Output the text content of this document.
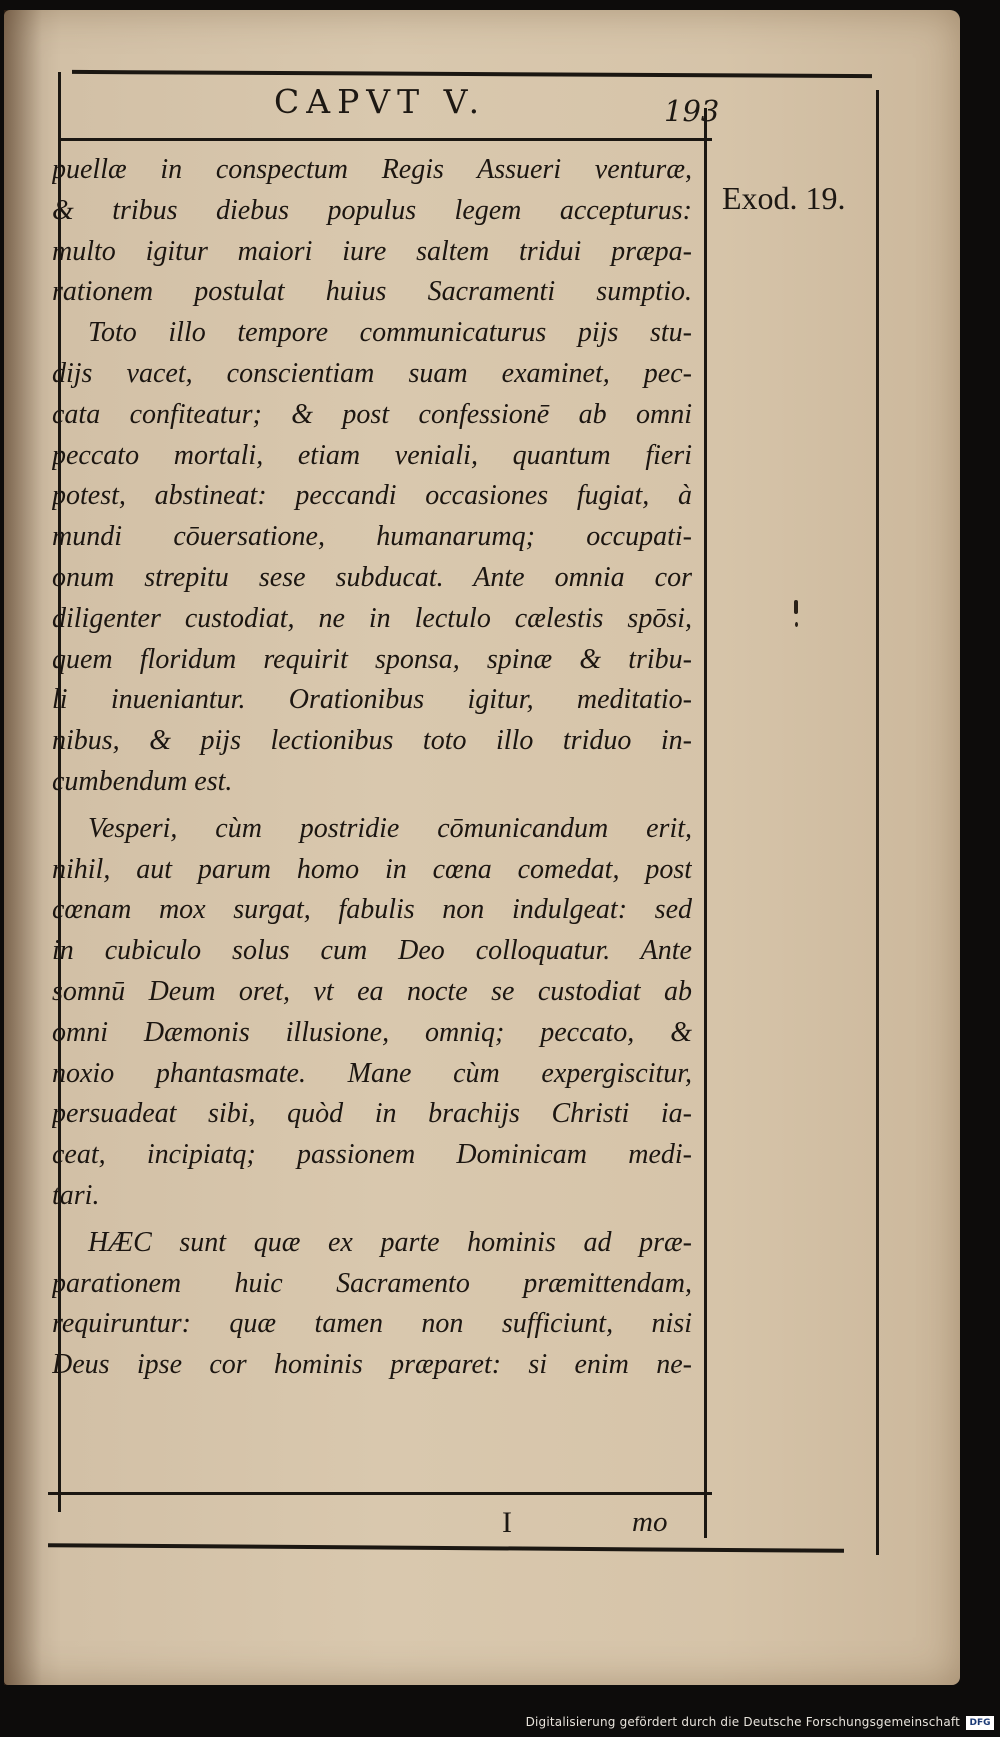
CAPVT V.	193
Exod. 19.
puellæ in conspectum Regis Assueri venturæ,
& tribus diebus populus legem accepturus:
multo igitur maiori iure saltem tridui præpa-
rationem postulat huius Sacramenti sumptio.
Toto illo tempore communicaturus pijs stu-
dijs vacet, conscientiam suam examinet, pec-
cata confiteatur; & post confessionē ab omni
peccato mortali, etiam veniali, quantum fieri
potest, abstineat: peccandi occasiones fugiat, à
mundi cōuersatione, humanarumq; occupati-
onum strepitu sese subducat. Ante omnia cor
diligenter custodiat, ne in lectulo cælestis spōsi,
quem floridum requirit sponsa, spinæ & tribu-
li inueniantur. Orationibus igitur, meditatio-
nibus, & pijs lectionibus toto illo triduo in-
cumbendum est.
Vesperi, cùm postridie cōmunicandum erit,
nihil, aut parum homo in cœna comedat, post
cœnam mox surgat, fabulis non indulgeat: sed
in cubiculo solus cum Deo colloquatur. Ante
somnū Deum oret, vt ea nocte se custodiat ab
omni Dæmonis illusione, omniq; peccato, &
noxio phantasmate. Mane cùm expergiscitur,
persuadeat sibi, quòd in brachijs Christi ia-
ceat, incipiatq; passionem Dominicam medi-
tari.
HÆC sunt quæ ex parte hominis ad præ-
parationem huic Sacramento præmittendam,
requiruntur: quæ tamen non sufficiunt, nisi
Deus ipse cor hominis præparet: si enim ne-
I	mo
Digitalisierung gefördert durch die Deutsche Forschungsgemeinschaft	DFG
